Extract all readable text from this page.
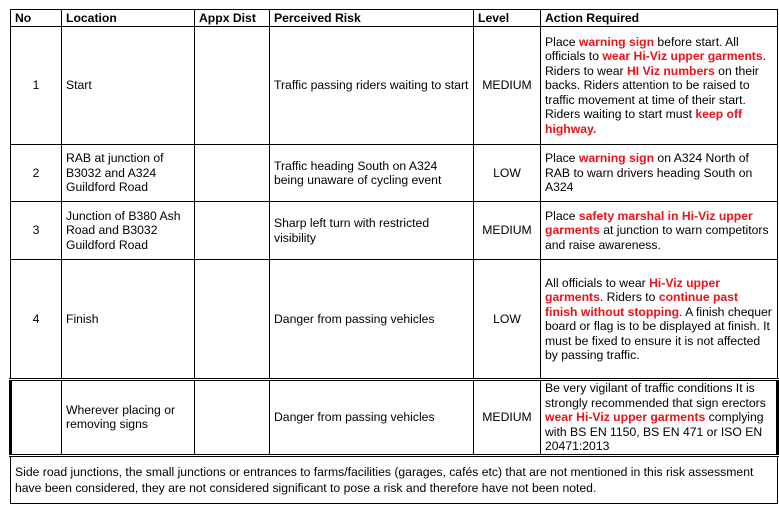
No	Location	Appx Dist	Perceived Risk	Level	Action Required
1	Start		Traffic passing riders waiting to start	MEDIUM	Place warning sign before start. All officials to wear Hi-Viz upper garments. Riders to wear HI Viz numbers on their backs. Riders attention to be raised to traffic movement at time of their start. Riders waiting to start must keep off highway.
2	RAB at junction of B3032 and A324 Guildford Road		Traffic heading South on A324 being unaware of cycling event	LOW	Place warning sign on A324 North of RAB to warn drivers heading South on A324
3	Junction of B380 Ash Road and B3032 Guildford Road		Sharp left turn with restricted visibility	MEDIUM	Place safety marshal in Hi-Viz upper garments at junction to warn competitors and raise awareness.
4	Finish		Danger from passing vehicles	LOW	All officials to wear Hi-Viz upper garments. Riders to continue past finish without stopping. A finish chequer board or flag is to be displayed at finish. It must be fixed to ensure it is not affected by passing traffic.
	Wherever placing or removing signs		Danger from passing vehicles	MEDIUM	Be very vigilant of traffic conditions It is strongly recommended that sign erectors wear Hi-Viz upper garments complying with BS EN 1150, BS EN 471 or ISO EN 20471:2013
Side road junctions, the small junctions or entrances to farms/facilities (garages, cafés etc) that are not mentioned in this risk assessment have been considered, they are not considered significant to pose a risk and therefore have not been noted.					
